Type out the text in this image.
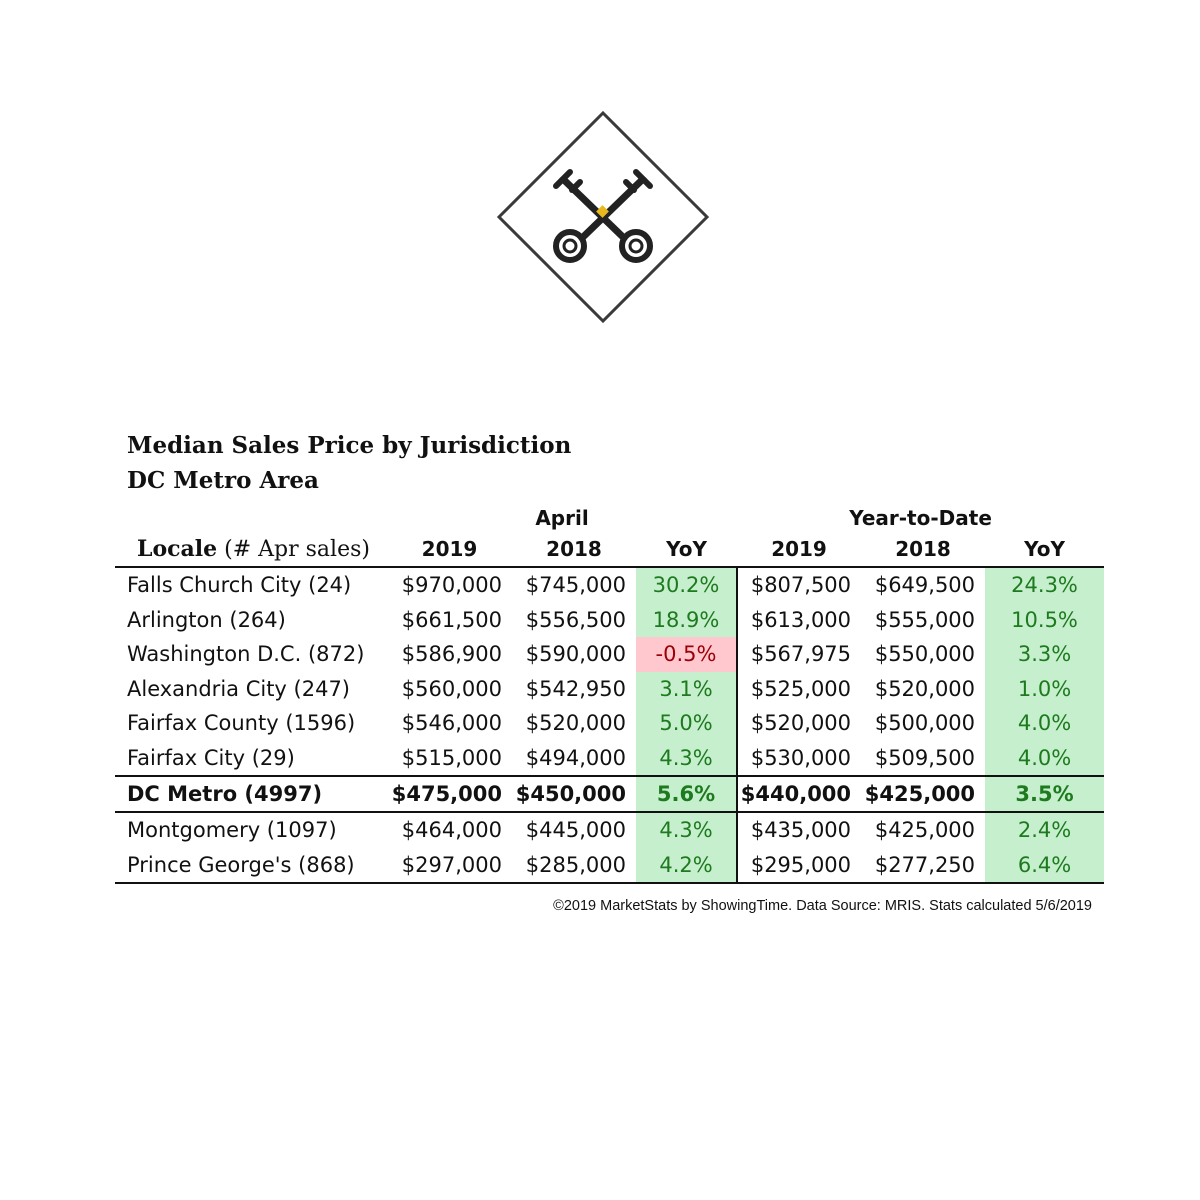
Median Sales Price by Jurisdiction
DC Metro Area
	April			Year-to-Date		
Locale (# Apr sales)	2019	2018	YoY	2019	2018	YoY
Falls Church City (24)	$970,000	$745,000	30.2%	$807,500	$649,500	24.3%
Arlington (264)	$661,500	$556,500	18.9%	$613,000	$555,000	10.5%
Washington D.C. (872)	$586,900	$590,000	-0.5%	$567,975	$550,000	3.3%
Alexandria City (247)	$560,000	$542,950	3.1%	$525,000	$520,000	1.0%
Fairfax County (1596)	$546,000	$520,000	5.0%	$520,000	$500,000	4.0%
Fairfax City (29)	$515,000	$494,000	4.3%	$530,000	$509,500	4.0%
DC Metro (4997)	$475,000	$450,000	5.6%	$440,000	$425,000	3.5%
Montgomery (1097)	$464,000	$445,000	4.3%	$435,000	$425,000	2.4%
Prince George's (868)	$297,000	$285,000	4.2%	$295,000	$277,250	6.4%
©2019 MarketStats by ShowingTime. Data Source: MRIS. Stats calculated 5/6/2019
